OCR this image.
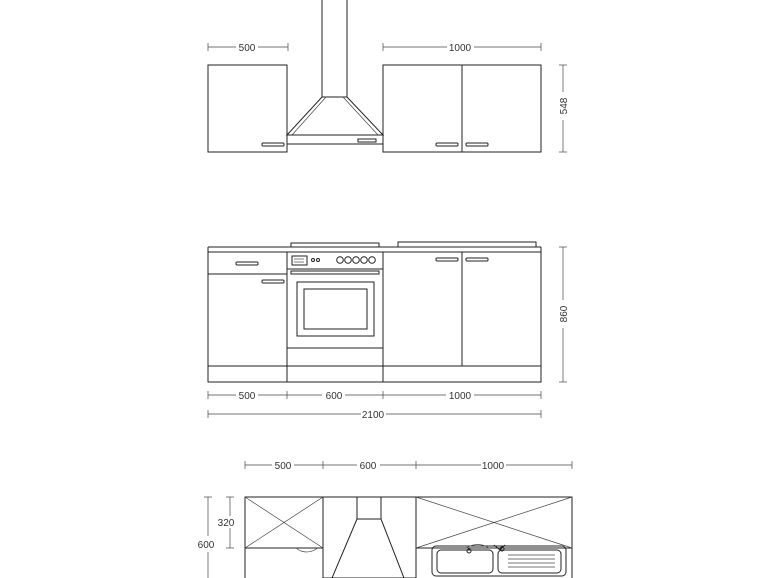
500	1000
548
500	600	1000
2100
860
500	600	1000
320
600
